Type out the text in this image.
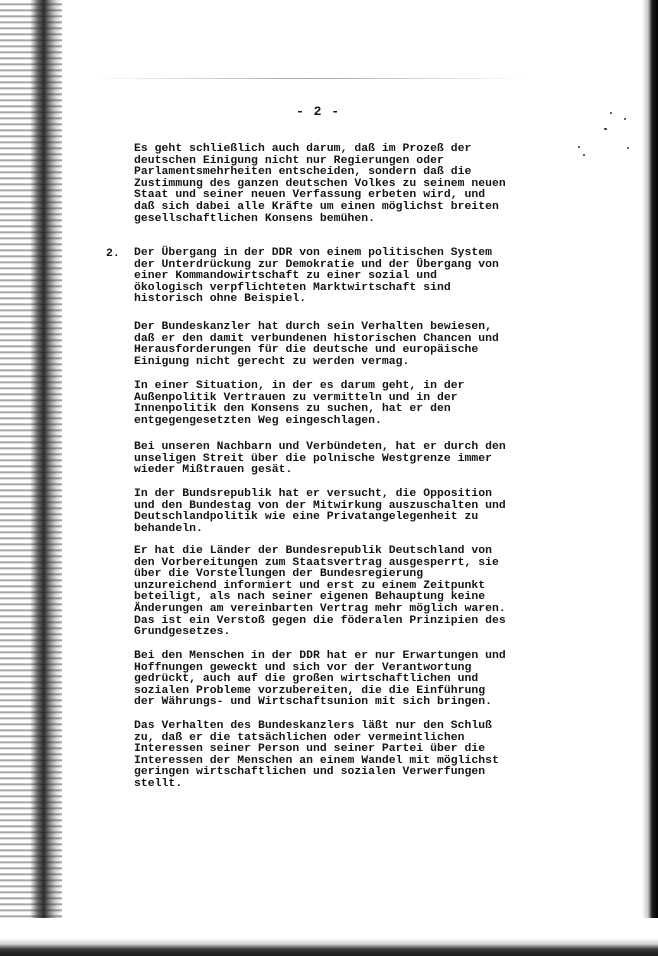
- 2 -

Es geht schließlich auch darum, daß im Prozeß der
deutschen Einigung nicht nur Regierungen oder
Parlamentsmehrheiten entscheiden, sondern daß die
Zustimmung des ganzen deutschen Volkes zu seinem neuen
Staat und seiner neuen Verfassung erbeten wird, und
daß sich dabei alle Kräfte um einen möglichst breiten
gesellschaftlichen Konsens bemühen.

2. Der Übergang in der DDR von einem politischen System
der Unterdrückung zur Demokratie und der Übergang von
einer Kommandowirtschaft zu einer sozial und
ökologisch verpflichteten Marktwirtschaft sind
historisch ohne Beispiel.

Der Bundeskanzler hat durch sein Verhalten bewiesen,
daß er den damit verbundenen historischen Chancen und
Herausforderungen für die deutsche und europäische
Einigung nicht gerecht zu werden vermag.

In einer Situation, in der es darum geht, in der
Außenpolitik Vertrauen zu vermitteln und in der
Innenpolitik den Konsens zu suchen, hat er den
entgegengesetzten Weg eingeschlagen.

Bei unseren Nachbarn und Verbündeten, hat er durch den
unseligen Streit über die polnische Westgrenze immer
wieder Mißtrauen gesät.

In der Bundsrepublik hat er versucht, die Opposition
und den Bundestag von der Mitwirkung auszuschalten und
Deutschlandpolitik wie eine Privatangelegenheit zu
behandeln.

Er hat die Länder der Bundesrepublik Deutschland von
den Vorbereitungen zum Staatsvertrag ausgesperrt, sie
über die Vorstellungen der Bundesregierung
unzureichend informiert und erst zu einem Zeitpunkt
beteiligt, als nach seiner eigenen Behauptung keine
Änderungen am vereinbarten Vertrag mehr möglich waren.
Das ist ein Verstoß gegen die föderalen Prinzipien des
Grundgesetzes.

Bei den Menschen in der DDR hat er nur Erwartungen und
Hoffnungen geweckt und sich vor der Verantwortung
gedrückt, auch auf die großen wirtschaftlichen und
sozialen Probleme vorzubereiten, die die Einführung
der Währungs- und Wirtschaftsunion mit sich bringen.

Das Verhalten des Bundeskanzlers läßt nur den Schluß
zu, daß er die tatsächlichen oder vermeintlichen
Interessen seiner Person und seiner Partei über die
Interessen der Menschen an einem Wandel mit möglichst
geringen wirtschaftlichen und sozialen Verwerfungen
stellt.
